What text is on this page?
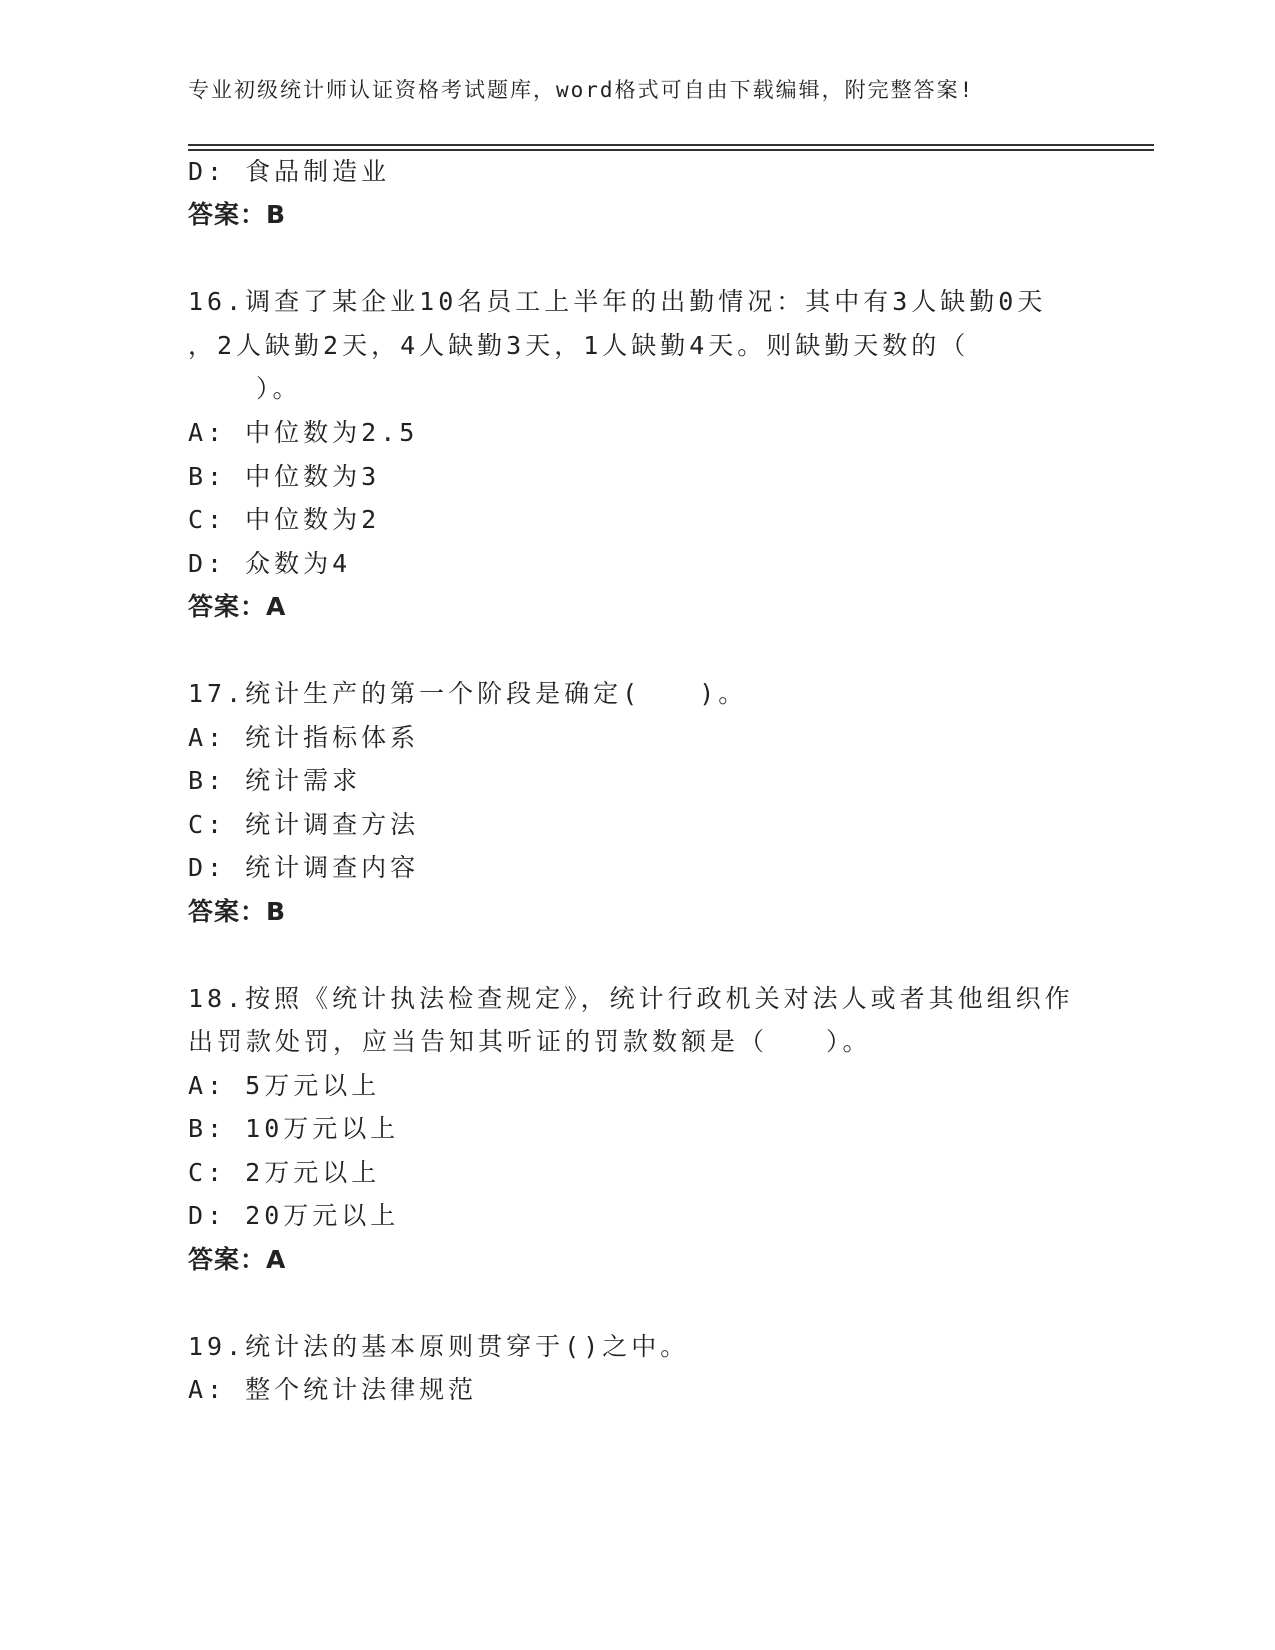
专业初级统计师认证资格考试题库，word格式可自由下载编辑，附完整答案!
D: 食品制造业
答案：B
16.调查了某企业10名员工上半年的出勤情况：其中有3人缺勤0天
，2人缺勤2天，4人缺勤3天，1人缺勤4天。则缺勤天数的（
）。
A: 中位数为2.5
B: 中位数为3
C: 中位数为2
D: 众数为4
答案：A
17.统计生产的第一个阶段是确定(　　)。
A: 统计指标体系
B: 统计需求
C: 统计调查方法
D: 统计调查内容
答案：B
18.按照《统计执法检查规定》，统计行政机关对法人或者其他组织作
出罚款处罚，应当告知其听证的罚款数额是（　　）。
A: 5万元以上
B: 10万元以上
C: 2万元以上
D: 20万元以上
答案：A
19.统计法的基本原则贯穿于()之中。
A: 整个统计法律规范
